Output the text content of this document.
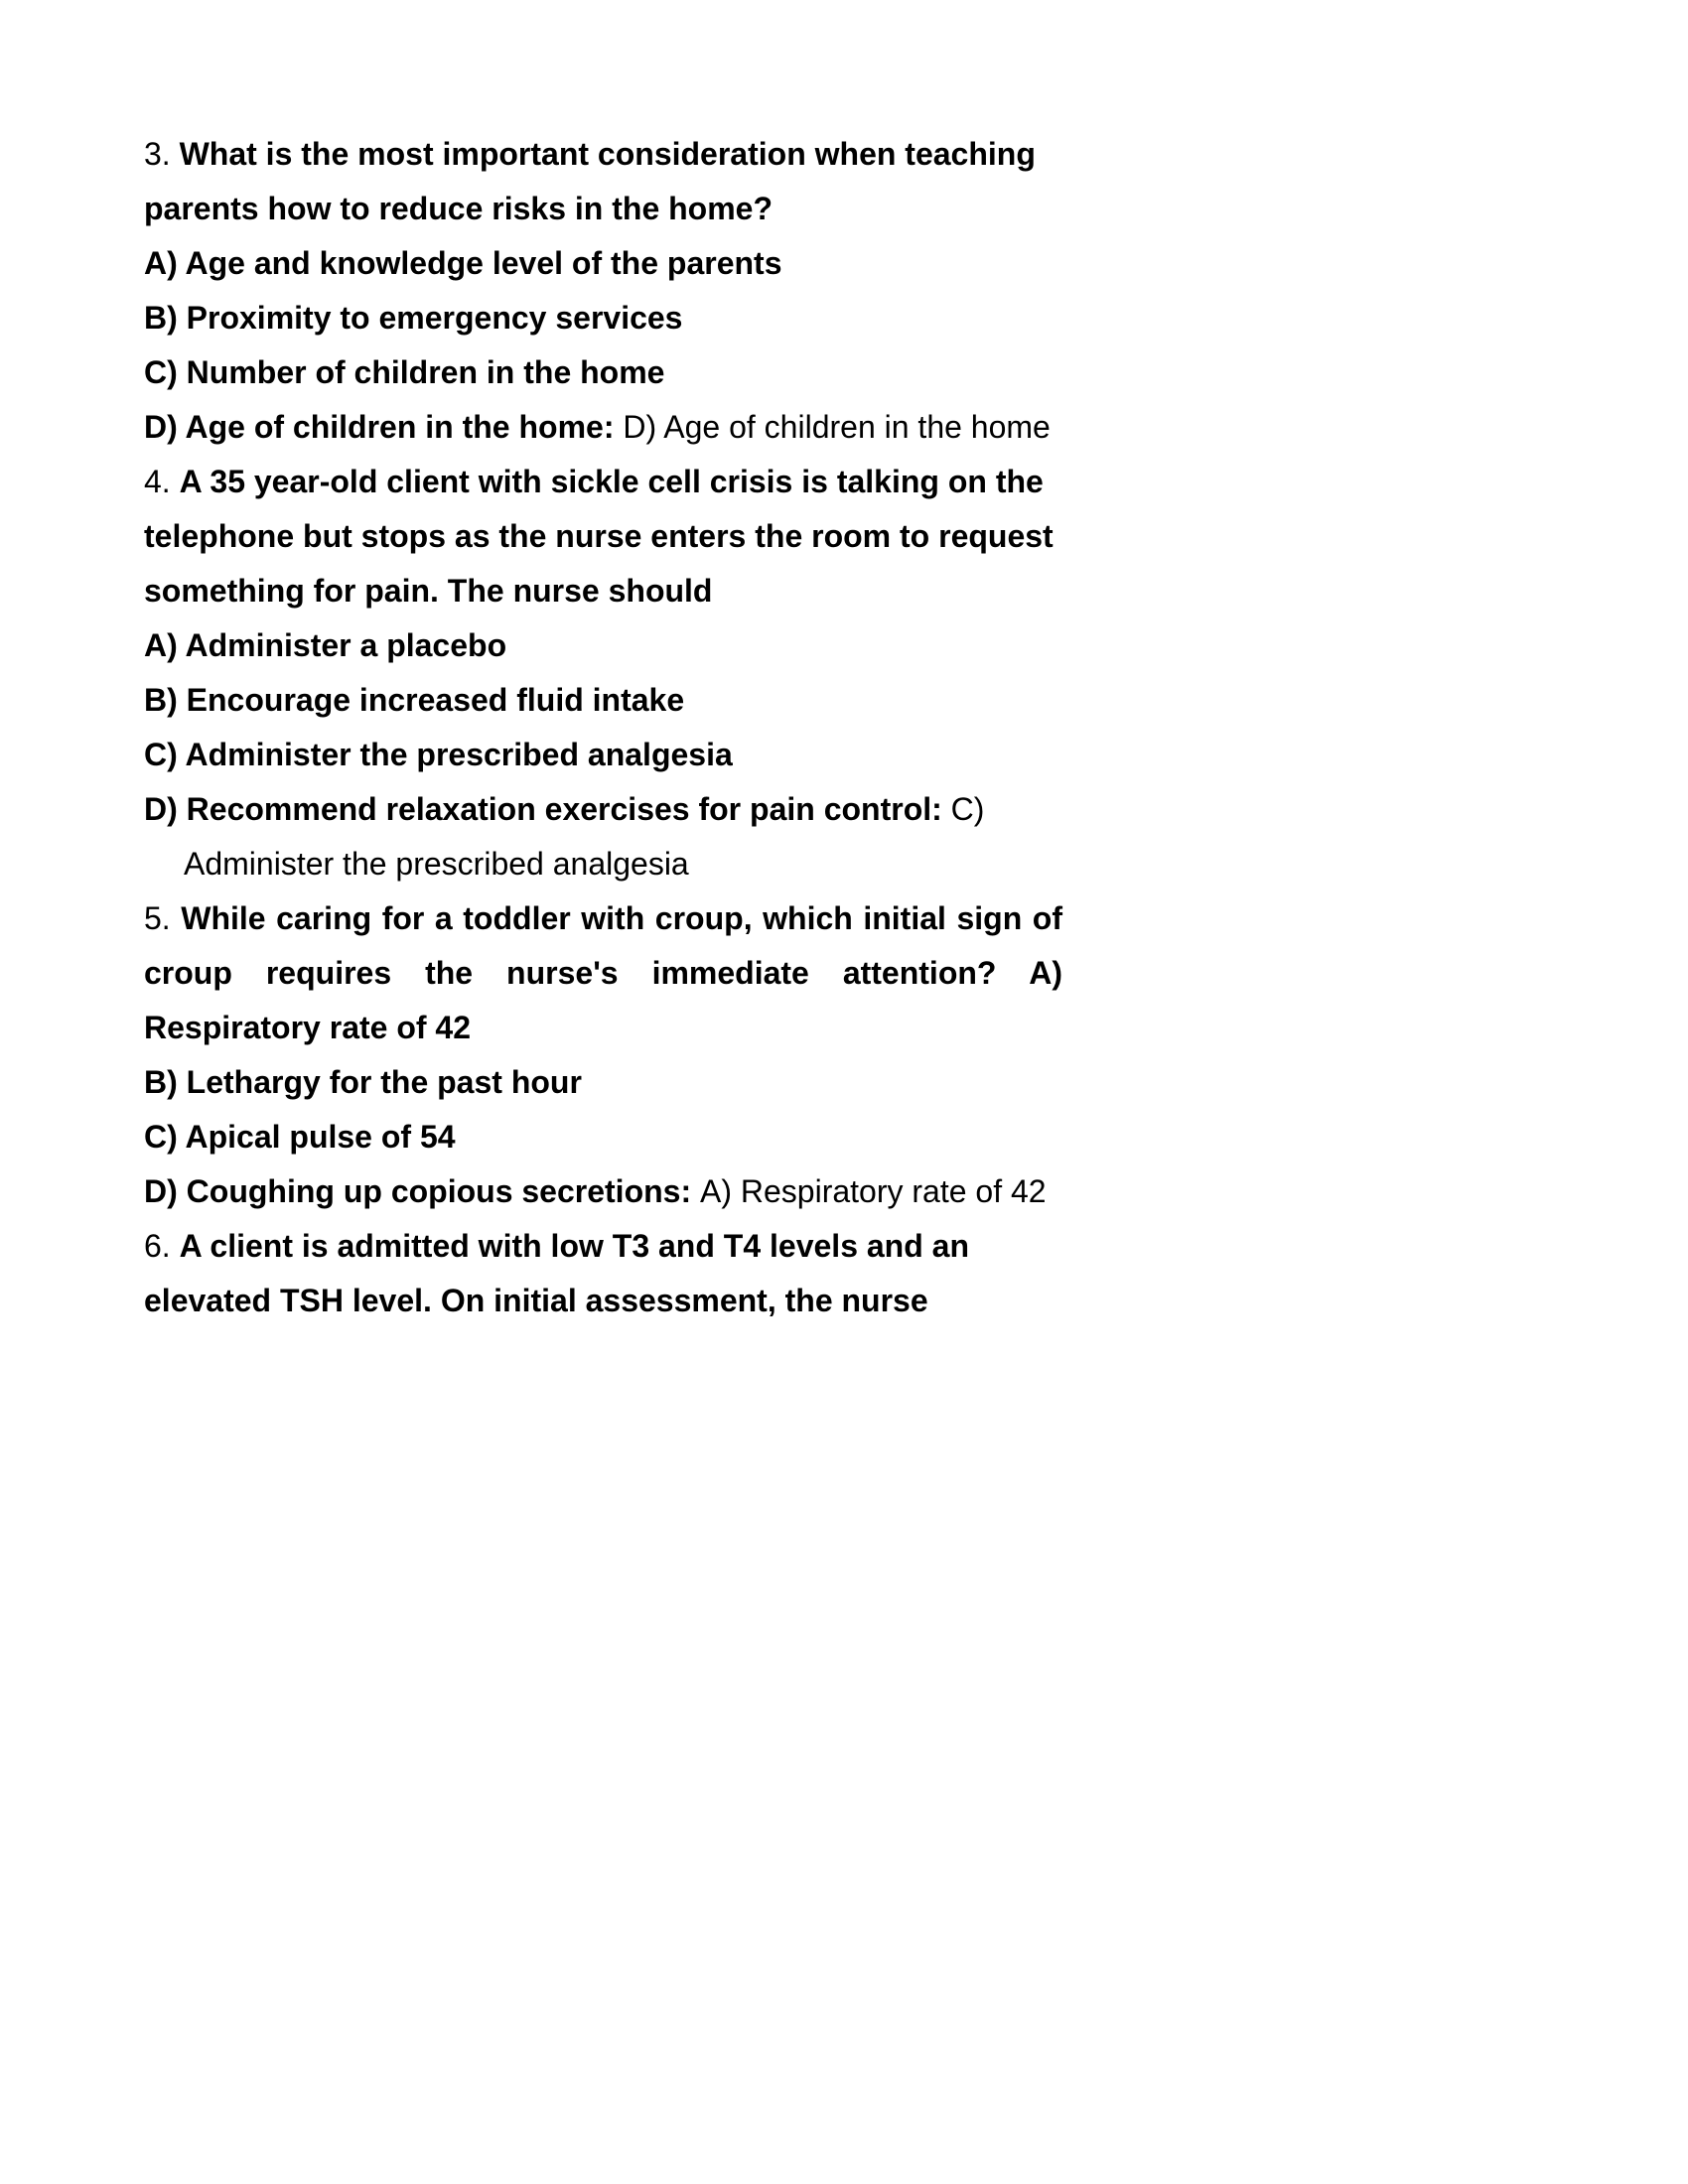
3. What is the most important consideration when teaching parents how to reduce risks in the home?

A) Age and knowledge level of the parents

B) Proximity to emergency services

C) Number of children in the home

D) Age of children in the home: D) Age of children in the home

4. A 35 year-old client with sickle cell crisis is talking on the telephone but stops as the nurse enters the room to request something for pain. The nurse should

A) Administer a placebo

B) Encourage increased fluid intake

C) Administer the prescribed analgesia

D) Recommend relaxation exercises for pain control: C) Administer the prescribed analgesia

5. While caring for a toddler with croup, which initial sign of croup requires the nurse's immediate attention? A) Respiratory rate of 42

B) Lethargy for the past hour

C) Apical pulse of 54

D) Coughing up copious secretions: A) Respiratory rate of 42

6. A client is admitted with low T3 and T4 levels and an elevated TSH level. On initial assessment, the nurse
